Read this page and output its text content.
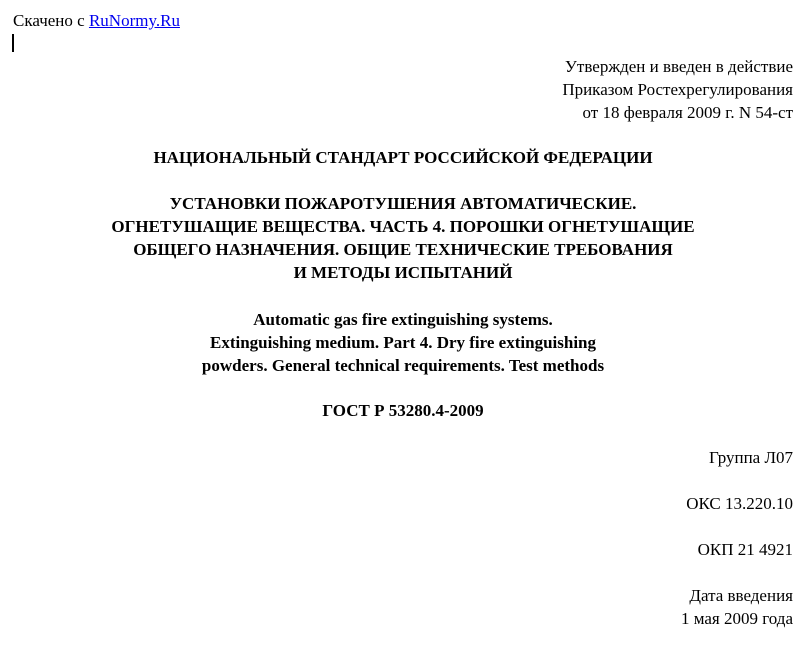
Скачено с RuNormy.Ru
Утвержден и введен в действие
Приказом Ростехрегулирования
от 18 февраля 2009 г. N 54-ст
НАЦИОНАЛЬНЫЙ СТАНДАРТ РОССИЙСКОЙ ФЕДЕРАЦИИ
УСТАНОВКИ ПОЖАРОТУШЕНИЯ АВТОМАТИЧЕСКИЕ.
ОГНЕТУШАЩИЕ ВЕЩЕСТВА. ЧАСТЬ 4. ПОРОШКИ ОГНЕТУШАЩИЕ
ОБЩЕГО НАЗНАЧЕНИЯ. ОБЩИЕ ТЕХНИЧЕСКИЕ ТРЕБОВАНИЯ
И МЕТОДЫ ИСПЫТАНИЙ
Automatic gas fire extinguishing systems.
Extinguishing medium. Part 4. Dry fire extinguishing
powders. General technical requirements. Test methods
ГОСТ Р 53280.4-2009
Группа Л07
ОКС 13.220.10
ОКП 21 4921
Дата введения
1 мая 2009 года
